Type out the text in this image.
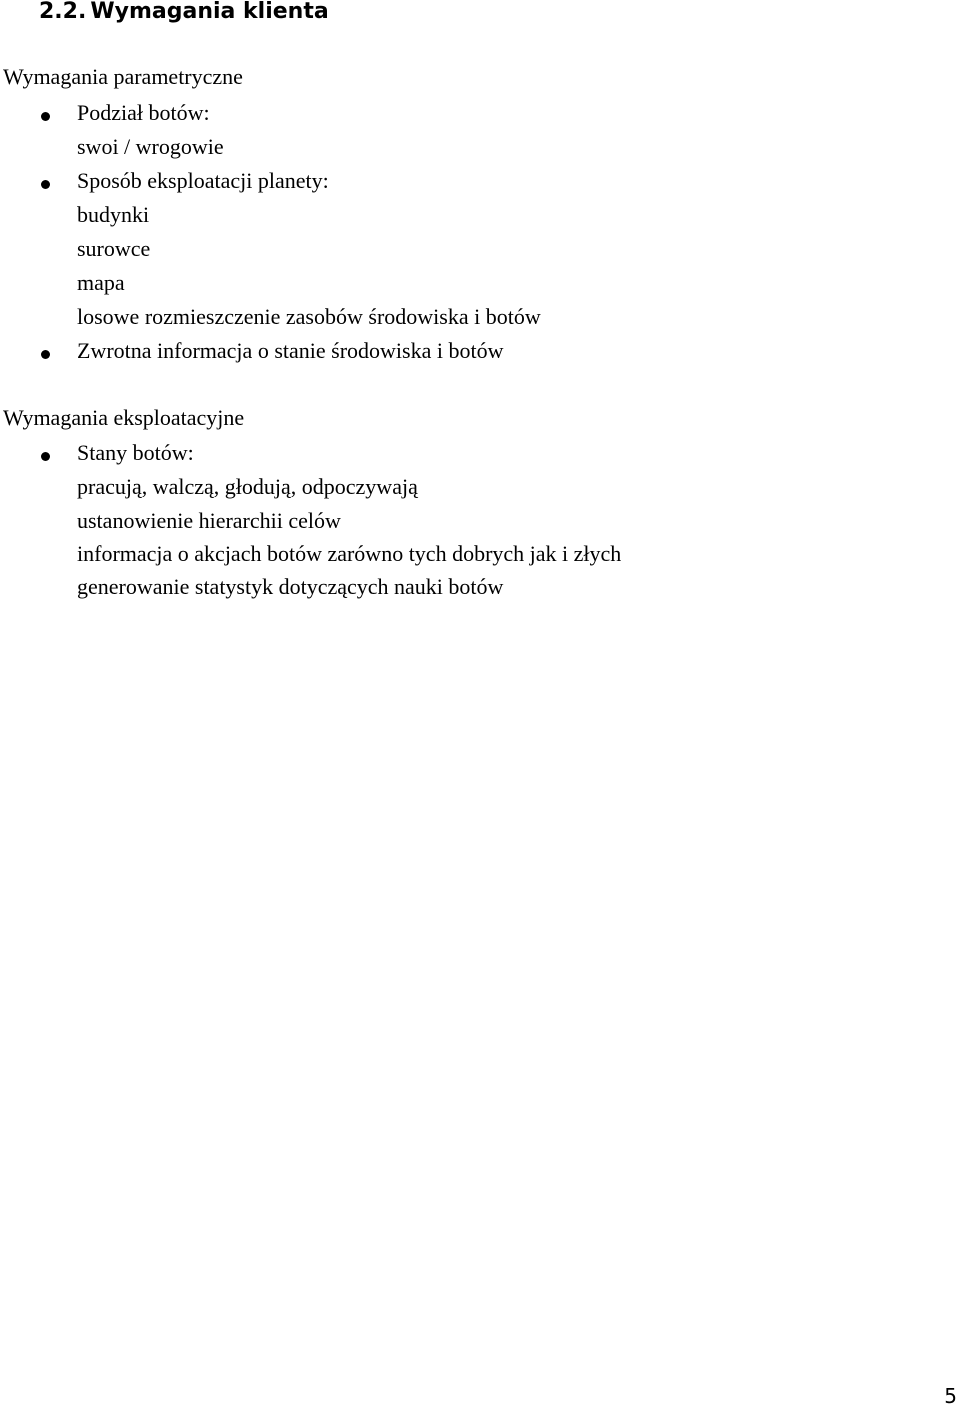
2.2. Wymagania klienta

Wymagania parametryczne

Podział botów:

swoi / wrogowie

Sposób eksploatacji planety:

budynki

surowce

mapa

losowe rozmieszczenie zasobów środowiska i botów

Zwrotna informacja o stanie środowiska i botów

Wymagania eksploatacyjne

Stany botów:

pracują, walczą, głodują, odpoczywają

ustanowienie hierarchii celów

informacja o akcjach botów zarówno tych dobrych jak i złych

generowanie statystyk dotyczących nauki botów

5
